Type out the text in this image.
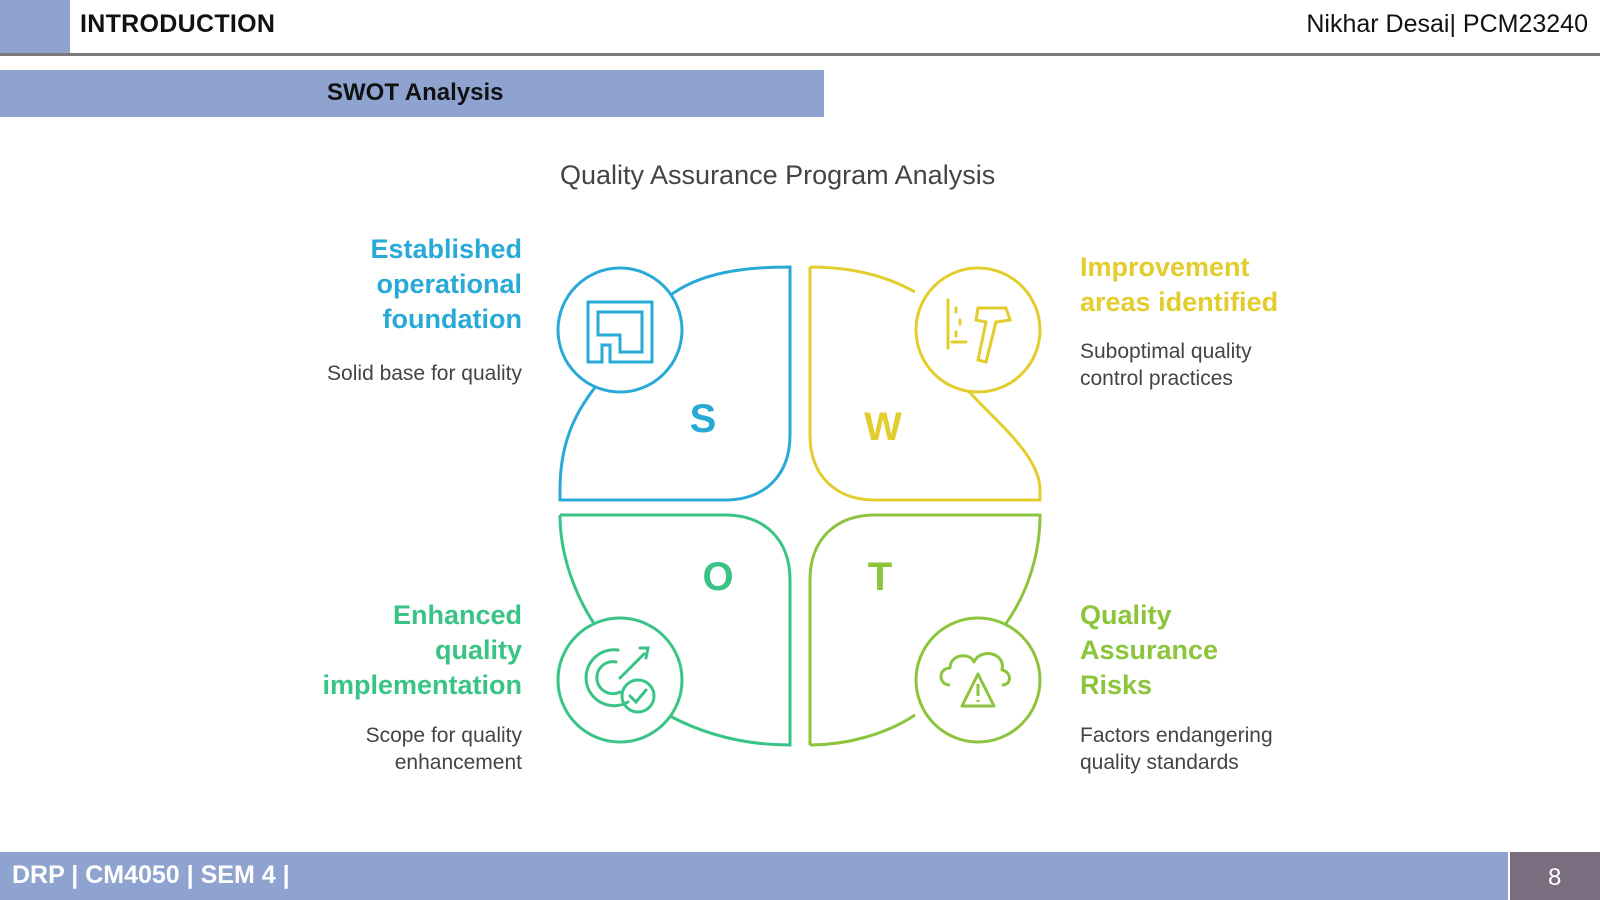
INTRODUCTION	Nikhar Desai| PCM23240
SWOT Analysis
Quality Assurance Program Analysis
Established
operational
foundation
Solid base for quality
Improvement
areas identified
Suboptimal quality
control practices
Enhanced
quality
implementation
Scope for quality
enhancement
Quality
Assurance
Risks
Factors endangering
quality standards
S	W
O	T
DRP | CM4050 | SEM 4 |	8
